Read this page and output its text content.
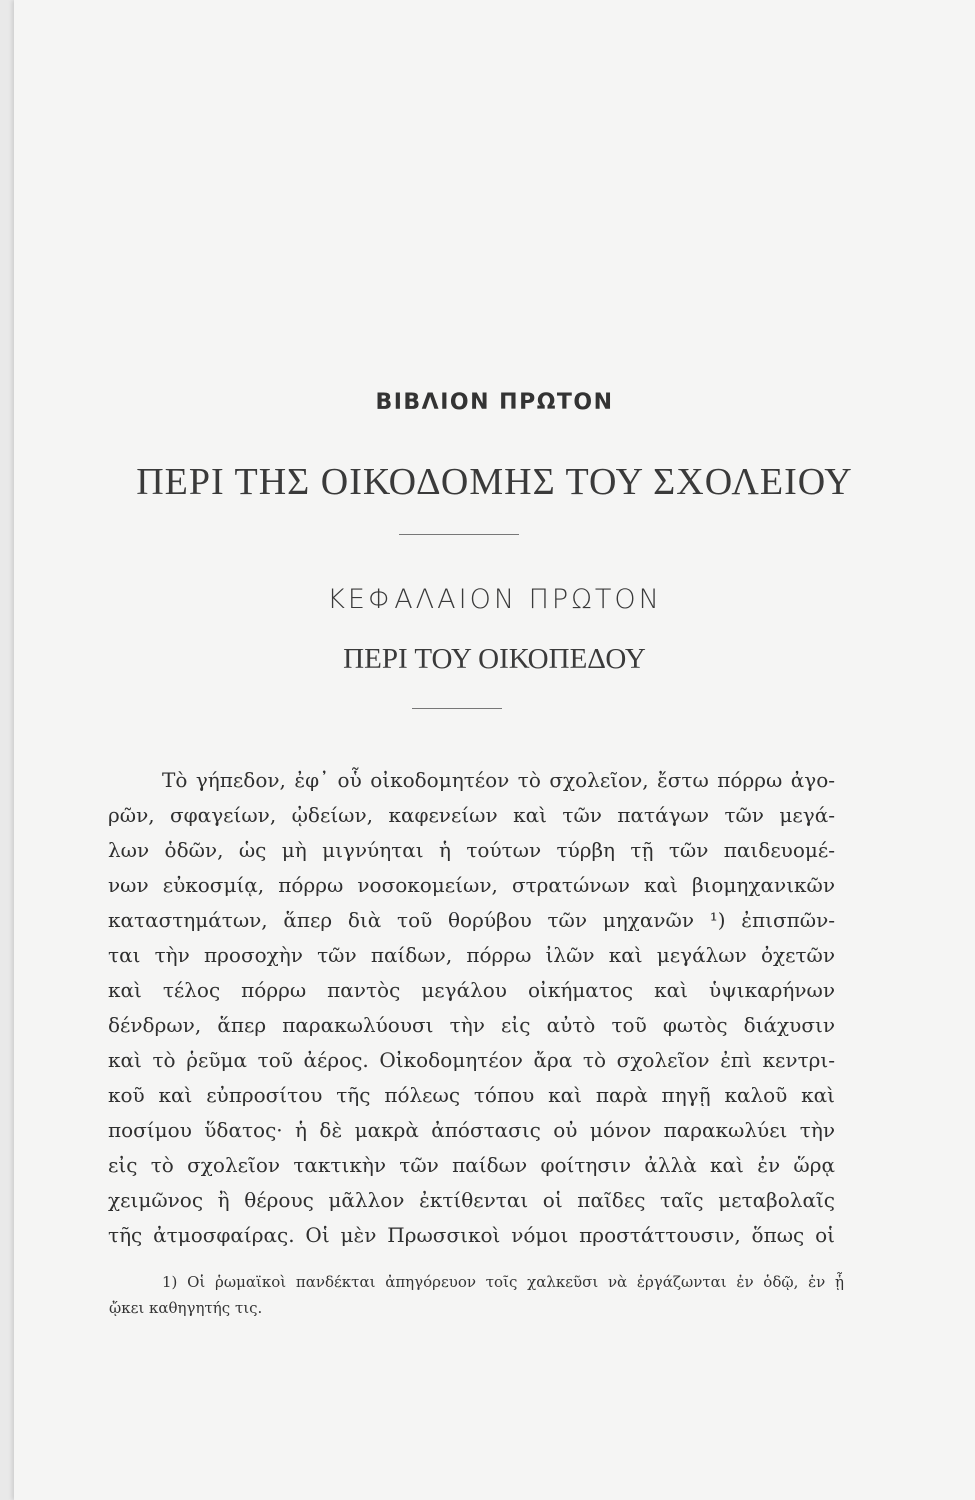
ΒΙΒΛΙΟΝ ΠΡΩΤΟΝ
ΠΕΡΙ ΤΗΣ ΟΙΚΟΔΟΜΗΣ ΤΟΥ ΣΧΟΛΕΙΟΥ
ΚΕΦΑΛΑΙΟΝ ΠΡΩΤΟΝ
ΠΕΡΙ ΤΟΥ ΟΙΚΟΠΕΔΟΥ
Τὸ γήπεδον, ἐφ᾽ οὗ οἰκοδομητέον τὸ σχολεῖον, ἔστω πόρρω ἀγο-
ρῶν, σφαγείων, ᾠδείων, καφενείων καὶ τῶν πατάγων τῶν μεγά-
λων ὁδῶν, ὡς μὴ μιγνύηται ἡ τούτων τύρβη τῇ τῶν παιδευομέ-
νων εὐκοσμίᾳ, πόρρω νοσοκομείων, στρατώνων καὶ βιομηχανικῶν
καταστημάτων, ἅπερ διὰ τοῦ θορύβου τῶν μηχανῶν ¹) ἐπισπῶν-
ται τὴν προσοχὴν τῶν παίδων, πόρρω ἰλῶν καὶ μεγάλων ὀχετῶν
καὶ τέλος πόρρω παντὸς μεγάλου οἰκήματος καὶ ὑψικαρήνων
δένδρων, ἅπερ παρακωλύουσι τὴν εἰς αὐτὸ τοῦ φωτὸς διάχυσιν
καὶ τὸ ῥεῦμα τοῦ ἀέρος. Οἰκοδομητέον ἄρα τὸ σχολεῖον ἐπὶ κεντρι-
κοῦ καὶ εὐπροσίτου τῆς πόλεως τόπου καὶ παρὰ πηγῇ καλοῦ καὶ
ποσίμου ὕδατος· ἡ δὲ μακρὰ ἀπόστασις οὐ μόνον παρακωλύει τὴν
εἰς τὸ σχολεῖον τακτικὴν τῶν παίδων φοίτησιν ἀλλὰ καὶ ἐν ὥρᾳ
χειμῶνος ἢ θέρους μᾶλλον ἐκτίθενται οἱ παῖδες ταῖς μεταβολαῖς
τῆς ἀτμοσφαίρας. Οἱ μὲν Πρωσσικοὶ νόμοι προστάττουσιν, ὅπως οἱ
1) Οἱ ῥωμαϊκοὶ πανδέκται ἀπηγόρευον τοῖς χαλκεῦσι νὰ ἐργάζωνται ἐν ὁδῷ, ἐν ᾗ
ᾤκει καθηγητής τις.
